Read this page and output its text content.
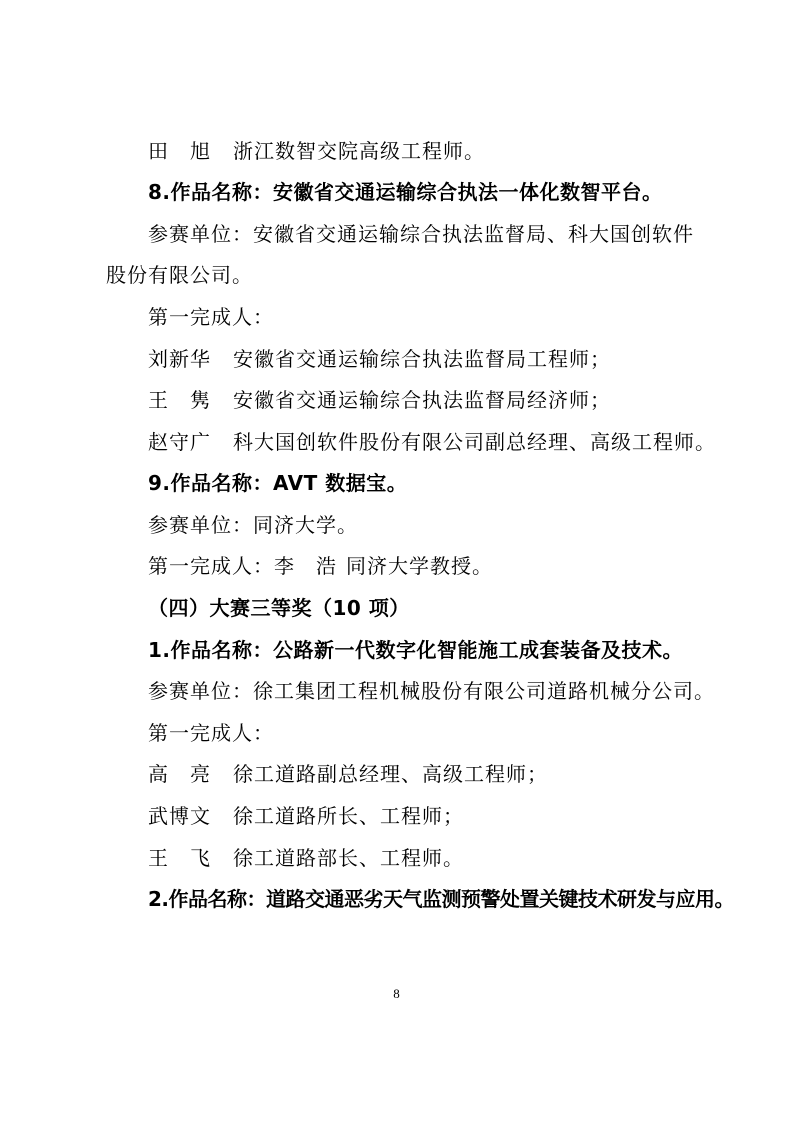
田　旭 浙江数智交院高级工程师。
8.作品名称：安徽省交通运输综合执法一体化数智平台。
参赛单位：安徽省交通运输综合执法监督局、科大国创软件
股份有限公司。
第一完成人：
刘新华 安徽省交通运输综合执法监督局工程师；
王　隽 安徽省交通运输综合执法监督局经济师；
赵守广 科大国创软件股份有限公司副总经理、高级工程师。
9.作品名称：AVT 数据宝。
参赛单位：同济大学。
第一完成人：李　浩 同济大学教授。
（四）大赛三等奖（10 项）
1.作品名称：公路新一代数字化智能施工成套装备及技术。
参赛单位：徐工集团工程机械股份有限公司道路机械分公司。
第一完成人：
高　亮 徐工道路副总经理、高级工程师；
武博文 徐工道路所长、工程师；
王　飞 徐工道路部长、工程师。
2.作品名称：道路交通恶劣天气监测预警处置关键技术研发与应用。
8
